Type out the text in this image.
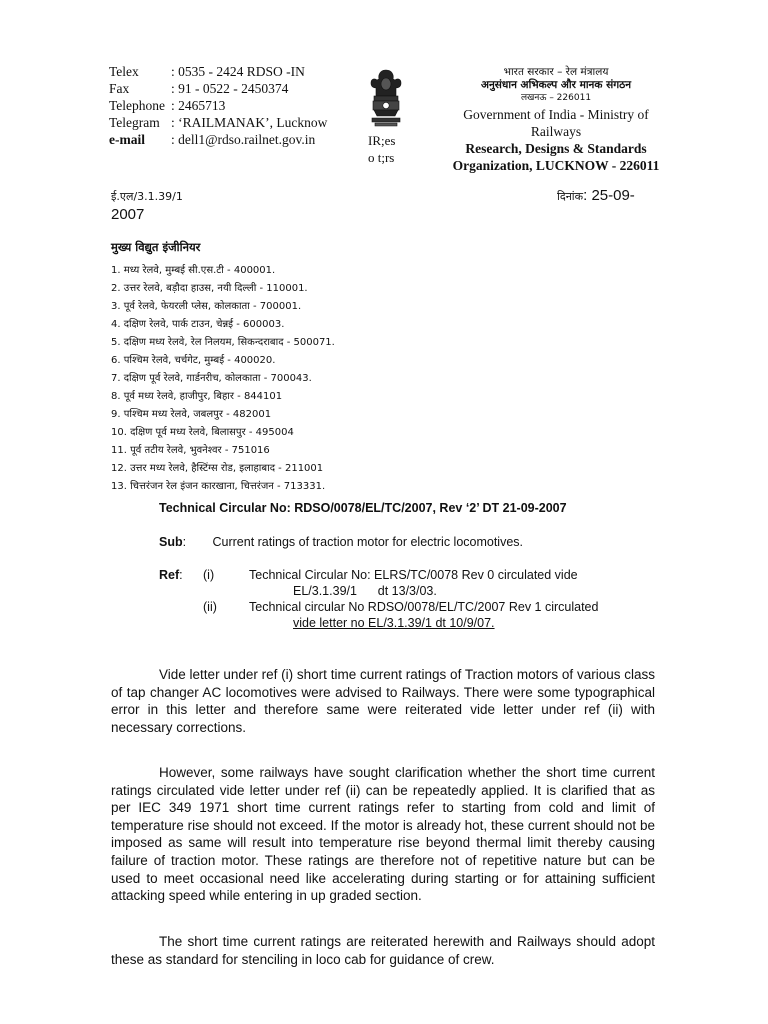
Telex	: 0535 - 2424 RDSO -IN
Fax	: 91 - 0522 - 2450374
Telephone : 2465713
Telegram : ‘RAILMANAK’, Lucknow
e-mail	: dell1@rdso.railnet.gov.in	IR;es
o t;rs
भारत सरकार – रेल मंत्रालय
अनुसंधान अभिकल्प और मानक संगठन
लखनऊ – 226011
Government of India - Ministry of
Railways
Research, Designs & Standards
Organization, LUCKNOW - 226011
ई.एल/3.1.39/1
2007
दिनांक: 25-09-
मुख्य विद्युत इंजीनियर
1. मध्य रेलवे, मुम्बई सी.एस.टी - 400001.
2. उत्तर रेलवे, बड़ौदा हाउस, नयी दिल्ली - 110001.
3. पूर्व रेलवे, फेयरली प्लेस, कोलकाता - 700001.
4. दक्षिण रेलवे, पार्क टाउन, चेन्नई - 600003.
5. दक्षिण मध्य रेलवे, रेल निलयम, सिकन्दराबाद - 500071.
6. पश्चिम रेलवे, चर्चगेट, मुम्बई - 400020.
7. दक्षिण पूर्व रेलवे, गार्डनरीच, कोलकाता - 700043.
8. पूर्व मध्य रेलवे, हाजीपुर, बिहार - 844101
9. पश्चिम मध्य रेलवे, जबलपुर - 482001
10. दक्षिण पूर्व मध्य रेलवे, बिलासपुर - 495004
11. पूर्व तटीय रेलवे, भुवनेश्वर - 751016
12. उत्तर मध्य रेलवे, हैस्टिंग्स रोड, इलाहाबाद - 211001
13. चित्तरंजन रेल इंजन कारखाना, चित्तरंजन - 713331.
Technical Circular No: RDSO/0078/EL/TC/2007, Rev ‘2’ DT 21-09-2007
Sub: Current ratings of traction motor for electric locomotives.
Ref: (i)	Technical Circular No: ELRS/TC/0078 Rev 0 circulated vide
EL/3.1.39/1      dt 13/3/03.
(ii)	Technical circular No RDSO/0078/EL/TC/2007 Rev 1 circulated
vide letter no EL/3.1.39/1 dt 10/9/07.

Vide letter under ref (i) short time current ratings of Traction motors of various class of tap changer AC locomotives were advised to Railways. There were some typographical error in this letter and therefore same were reiterated vide letter under ref (ii) with necessary corrections.

However, some railways have sought clarification whether the short time current ratings circulated vide letter under ref (ii) can be repeatedly applied. It is clarified that as per IEC 349 1971 short time current ratings refer to starting from cold and limit of temperature rise should not exceed. If the motor is already hot, these current should not be imposed as same will result into temperature rise beyond thermal limit thereby causing failure of traction motor. These ratings are therefore not of repetitive nature but can be used to meet occasional need like accelerating during starting or for attaining sufficient attacking speed while entering in up graded section.

The short time current ratings are reiterated herewith and Railways should adopt these as standard for stenciling in loco cab for guidance of crew.
